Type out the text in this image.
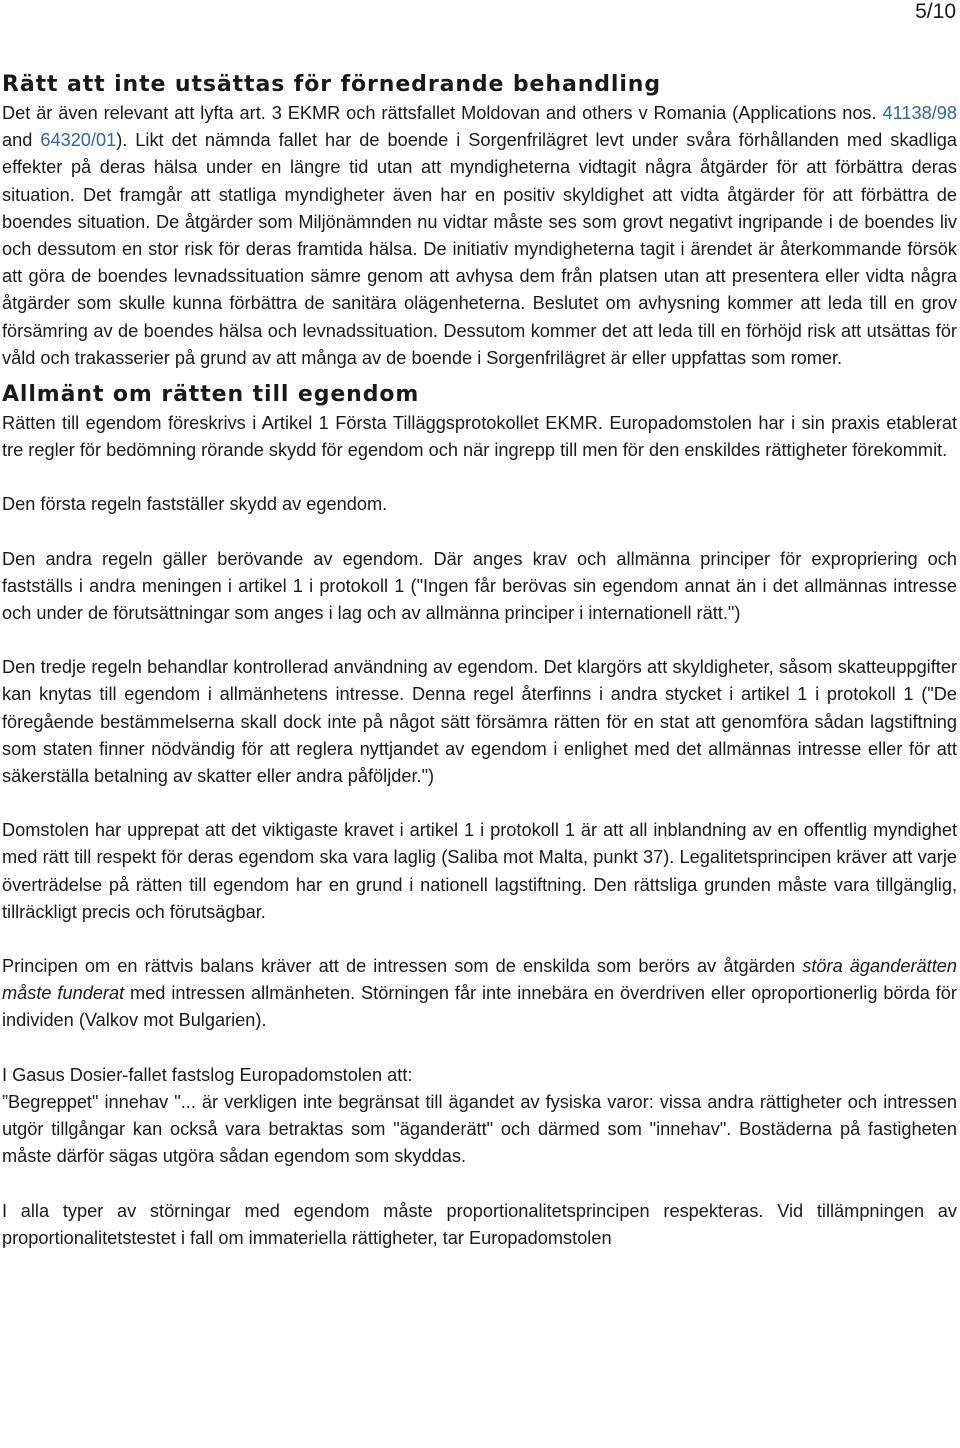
5/10
Rätt att inte utsättas för förnedrande behandling

Det är även relevant att lyfta art. 3 EKMR och rättsfallet Moldovan and others v Romania (Applications nos. 41138/98 and 64320/01). Likt det nämnda fallet har de boende i Sorgenfrilägret levt under svåra förhållanden med skadliga effekter på deras hälsa under en längre tid utan att myndigheterna vidtagit några åtgärder för att förbättra deras situation. Det framgår att statliga myndigheter även har en positiv skyldighet att vidta åtgärder för att förbättra de boendes situation. De åtgärder som Miljönämnden nu vidtar måste ses som grovt negativt ingripande i de boendes liv och dessutom en stor risk för deras framtida hälsa. De initiativ myndigheterna tagit i ärendet är återkommande försök att göra de boendes levnadssituation sämre genom att avhysa dem från platsen utan att presentera eller vidta några åtgärder som skulle kunna förbättra de sanitära olägenheterna. Beslutet om avhysning kommer att leda till en grov försämring av de boendes hälsa och levnadssituation. Dessutom kommer det att leda till en förhöjd risk att utsättas för våld och trakasserier på grund av att många av de boende i Sorgenfrilägret är eller uppfattas som romer.

Allmänt om rätten till egendom

Rätten till egendom föreskrivs i Artikel 1 Första Tilläggsprotokollet EKMR. Europadomstolen har i sin praxis etablerat tre regler för bedömning rörande skydd för egendom och när ingrepp till men för den enskildes rättigheter förekommit.

Den första regeln fastställer skydd av egendom.

Den andra regeln gäller berövande av egendom. Där anges krav och allmänna principer för expropriering och fastställs i andra meningen i artikel 1 i protokoll 1 ("Ingen får berövas sin egendom annat än i det allmännas intresse och under de förutsättningar som anges i lag och av allmänna principer i internationell rätt.")

Den tredje regeln behandlar kontrollerad användning av egendom. Det klargörs att skyldigheter, såsom skatteuppgifter kan knytas till egendom i allmänhetens intresse. Denna regel återfinns i andra stycket i artikel 1 i protokoll 1 ("De föregående bestämmelserna skall dock inte på något sätt försämra rätten för en stat att genomföra sådan lagstiftning som staten finner nödvändig för att reglera nyttjandet av egendom i enlighet med det allmännas intresse eller för att säkerställa betalning av skatter eller andra påföljder.")

Domstolen har upprepat att det viktigaste kravet i artikel 1 i protokoll 1 är att all inblandning av en offentlig myndighet med rätt till respekt för deras egendom ska vara laglig (Saliba mot Malta, punkt 37). Legalitetsprincipen kräver att varje överträdelse på rätten till egendom har en grund i nationell lagstiftning. Den rättsliga grunden måste vara tillgänglig, tillräckligt precis och förutsägbar.

Principen om en rättvis balans kräver att de intressen som de enskilda som berörs av åtgärden störa äganderätten måste funderat med intressen allmänheten. Störningen får inte innebära en överdriven eller oproportionerlig börda för individen (Valkov mot Bulgarien).

I Gasus Dosier-fallet fastslog Europadomstolen att:
”Begreppet" innehav "... är verkligen inte begränsat till ägandet av fysiska varor: vissa andra rättigheter och intressen utgör tillgångar kan också vara betraktas som "äganderätt" och därmed som "innehav". Bostäderna på fastigheten måste därför sägas utgöra sådan egendom som skyddas.

I alla typer av störningar med egendom måste proportionalitetsprincipen respekteras. Vid tillämpningen av proportionalitetstestet i fall om immateriella rättigheter, tar Europadomstolen
